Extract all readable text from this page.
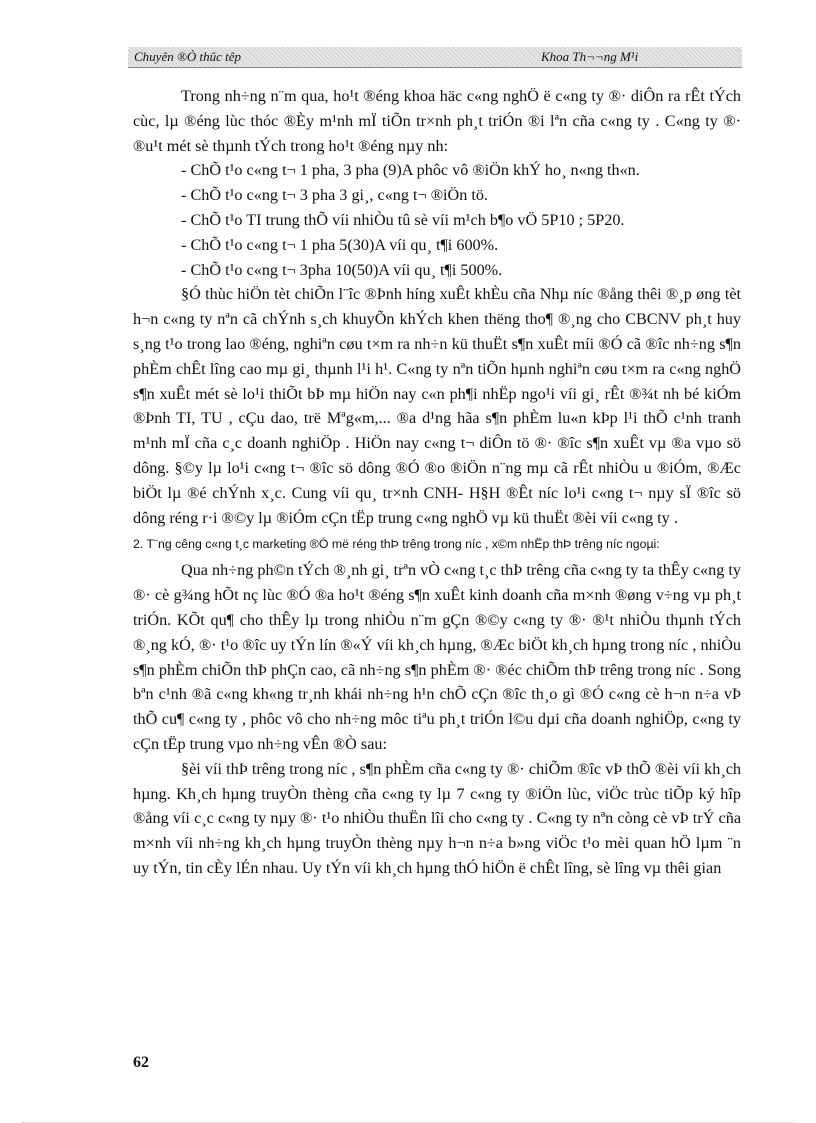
Chuyên ®Ò thûc têp	Khoa Th¬¬ng M¹i

Trong nh÷ng n¨m qua, ho¹t ®éng khoa häc c«ng nghÖ ë c«ng ty ®· diÔn ra rÊt tÝch cùc, lµ ®éng lùc thóc ®Èy m¹nh mÏ tiÕn tr×nh ph¸t triÓn ®i lªn cña c«ng ty . C«ng ty ®· ®u¹t mét sè thµnh tÝch trong ho¹t ®éng nµy nh:

- ChÕ t¹o c«ng t¬ 1 pha, 3 pha (9)A phôc vô ®iÖn khÝ ho¸ n«ng th«n.
- ChÕ t¹o c«ng t¬ 3 pha 3 gi¸, c«ng t¬ ®iÖn tö.
- ChÕ t¹o TI trung thÕ víi nhiÒu tû sè víi m¹ch b¶o vÖ 5P10 ; 5P20.
- ChÕ t¹o c«ng t¬ 1 pha 5(30)A víi qu¸ t¶i 600%.
- ChÕ t¹o c«ng t¬ 3pha 10(50)A víi qu¸ t¶i 500%.

§Ó thùc hiÖn tèt chiÕn l¨îc ®Þnh híng xuÊt khÈu cña Nhµ níc ®ång thêi ®¸p øng tèt h¬n c«ng ty nªn cã chÝnh s¸ch khuyÕn khÝch khen thëng tho¶ ®¸ng cho CBCNV ph¸t huy s¸ng t¹o trong lao ®éng, nghiªn cøu t×m ra nh÷n kü thuËt s¶n xuÊt míi ®Ó cã ®îc nh÷ng s¶n phÈm chÊt lîng cao mµ gi¸ thµnh l¹i h¹. C«ng ty nªn tiÕn hµnh nghiªn cøu t×m ra c«ng nghÖ s¶n xuÊt mét sè lo¹i thiÕt bÞ mµ hiÖn nay c«n ph¶i nhËp ngo¹i víi gi¸ rÊt ®¾t nh bé kiÓm ®Þnh TI, TU , cÇu dao, trë Mªg«m,... ®a d¹ng hãa s¶n phÈm lu«n kÞp l¹i thÕ c¹nh tranh m¹nh mÏ cña c¸c doanh nghiÖp . HiÖn nay c«ng t¬ diÔn tö ®· ®îc s¶n xuÊt vµ ®a vµo sö dông. §©y lµ lo¹i c«ng t¬ ®îc sö dông ®Ó ®o ®iÖn n¨ng mµ cã rÊt nhiÒu u ®iÓm, ®Æc biÖt lµ ®é chÝnh x¸c. Cung víi qu¸ tr×nh CNH- H§H ®Êt níc lo¹i c«ng t¬ nµy sÏ ®îc sö dông réng r·i ®©y lµ ®iÓm cÇn tËp trung c«ng nghÖ vµ kü thuËt ®èi víi c«ng ty .

2. T¨ng cêng c«ng t¸c marketing ®Ó më réng thÞ trêng trong níc , x©m nhËp thÞ trêng níc ngoµi:

Qua nh÷ng ph©n tÝch ®¸nh gi¸ trªn vÒ c«ng t¸c thÞ trêng cña c«ng ty ta thÊy c«ng ty ®· cè g¾ng hÕt nç lùc ®Ó ®a ho¹t ®éng s¶n xuÊt kinh doanh cña m×nh ®øng v÷ng vµ ph¸t triÓn. KÕt qu¶ cho thÊy lµ trong nhiÒu n¨m gÇn ®©y c«ng ty ®· ®¹t nhiÒu thµnh tÝch ®¸ng kÓ, ®· t¹o ®îc uy tÝn lín ®«Ý víi kh¸ch hµng, ®Æc biÖt kh¸ch hµng trong níc , nhiÒu s¶n phÈm chiÕn thÞ phÇn cao, cã nh÷ng s¶n phÈm ®· ®éc chiÕm thÞ trêng trong níc . Song bªn c¹nh ®ã c«ng kh«ng tr¸nh khái nh÷ng h¹n chÕ cÇn ®îc th¸o gì ®Ó c«ng cè h¬n n÷a vÞ thÕ cu¶ c«ng ty , phôc vô cho nh÷ng môc tiªu ph¸t triÓn l©u dµi cña doanh nghiÖp, c«ng ty cÇn tËp trung vµo nh÷ng vÊn ®Ò sau:

§èi víi thÞ trêng trong níc , s¶n phÈm cña c«ng ty ®· chiÕm ®îc vÞ thÕ ®èi víi kh¸ch hµng. Kh¸ch hµng truyÒn thèng cña c«ng ty lµ 7 c«ng ty ®iÖn lùc, viÖc trùc tiÕp ký hîp ®ång víi c¸c c«ng ty nµy ®· t¹o nhiÒu thuËn lîi cho c«ng ty . C«ng ty nªn còng cè vÞ trÝ cña m×nh víi nh÷ng kh¸ch hµng truyÒn thèng nµy h¬n n÷a b»ng viÖc t¹o mèi quan hÖ lµm ¨n uy tÝn, tin cÈy lÉn nhau. Uy tÝn víi kh¸ch hµng thÓ hiÖn ë chÊt lîng, sè lîng vµ thêi gian

62
